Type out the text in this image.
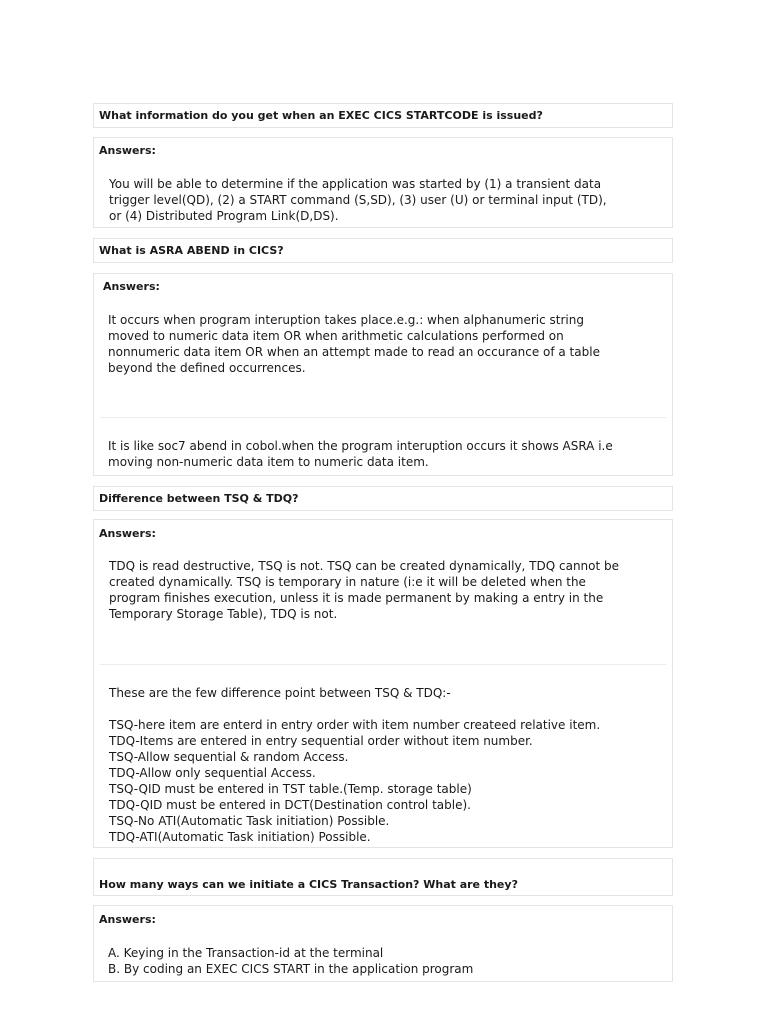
What information do you get when an EXEC CICS STARTCODE is issued?
Answers:

You will be able to determine if the application was started by (1) a transient data
trigger level(QD), (2) a START command (S,SD), (3) user (U) or terminal input (TD),
or (4) Distributed Program Link(D,DS).

What is ASRA ABEND in CICS?
Answers:

It occurs when program interuption takes place.e.g.: when alphanumeric string
moved to numeric data item OR when arithmetic calculations performed on
nonnumeric data item OR when an attempt made to read an occurance of a table
beyond the defined occurrences.

It is like soc7 abend in cobol.when the program interuption occurs it shows ASRA i.e
moving non-numeric data item to numeric data item.

Difference between TSQ & TDQ?
Answers:

TDQ is read destructive, TSQ is not. TSQ can be created dynamically, TDQ cannot be
created dynamically. TSQ is temporary in nature (i:e it will be deleted when the
program finishes execution, unless it is made permanent by making a entry in the
Temporary Storage Table), TDQ is not.

These are the few difference point between TSQ & TDQ:-

TSQ-here item are enterd in entry order with item number createed relative item.
TDQ-Items are entered in entry sequential order without item number.
TSQ-Allow sequential & random Access.
TDQ-Allow only sequential Access.
TSQ-QID must be entered in TST table.(Temp. storage table)
TDQ-QID must be entered in DCT(Destination control table).
TSQ-No ATI(Automatic Task initiation) Possible.
TDQ-ATI(Automatic Task initiation) Possible.

How many ways can we initiate a CICS Transaction? What are they?
Answers:

A. Keying in the Transaction-id at the terminal
B. By coding an EXEC CICS START in the application program
